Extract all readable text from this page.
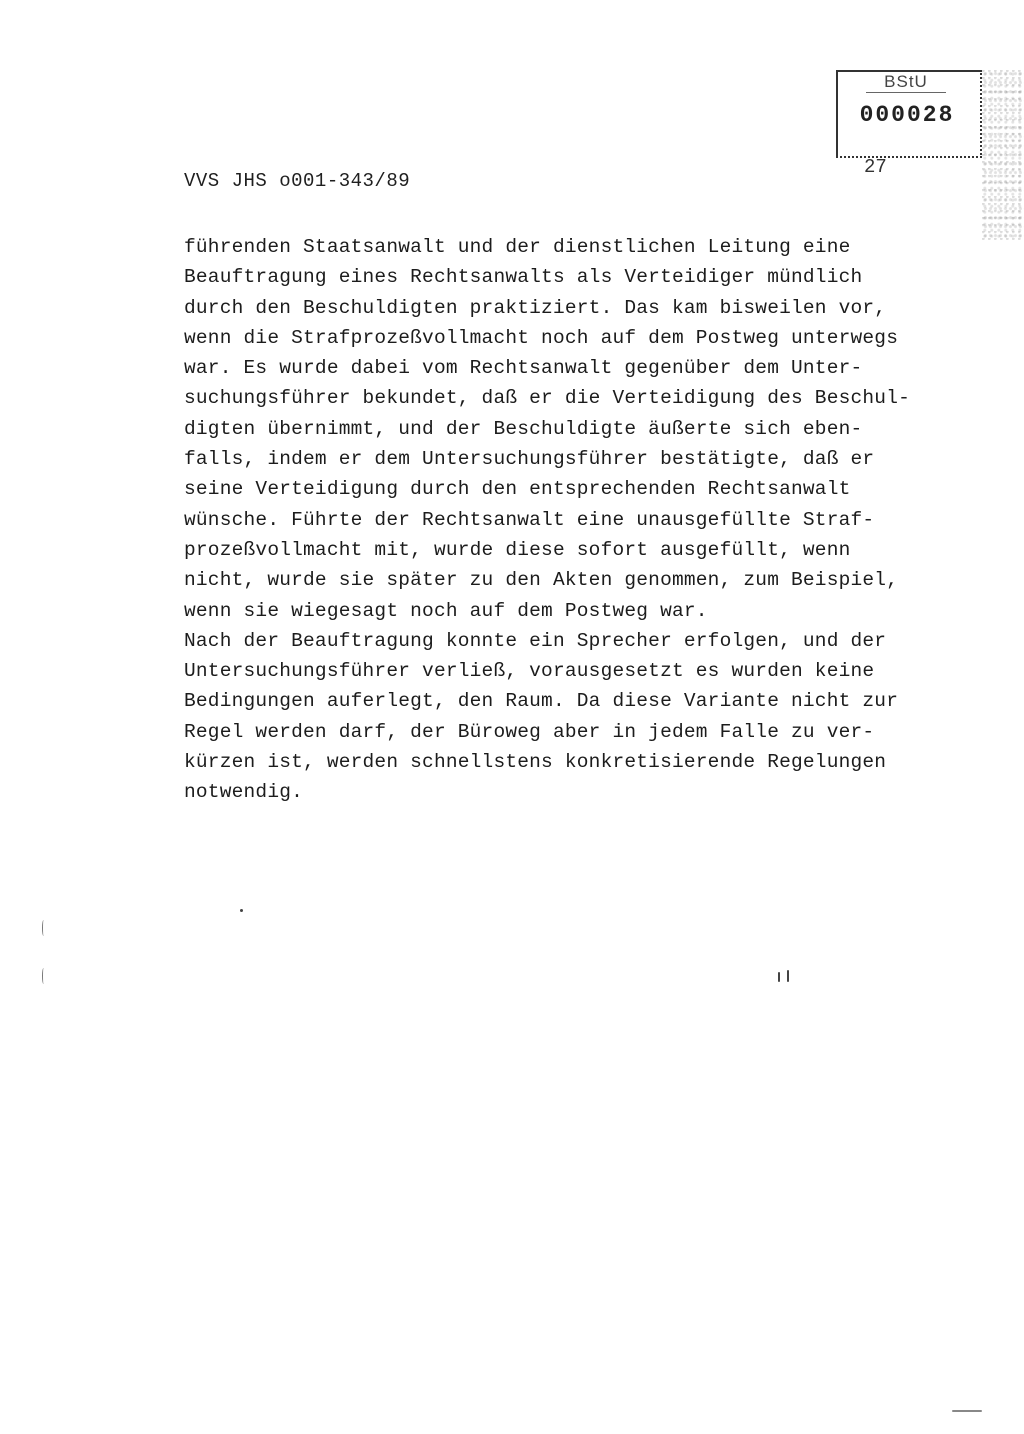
BStU
000028
27
VVS JHS o001-343/89
führenden Staatsanwalt und der dienstlichen Leitung eine
Beauftragung eines Rechtsanwalts als Verteidiger mündlich
durch den Beschuldigten praktiziert. Das kam bisweilen vor,
wenn die Strafprozeßvollmacht noch auf dem Postweg unterwegs
war. Es wurde dabei vom Rechtsanwalt gegenüber dem Unter-
suchungsführer bekundet, daß er die Verteidigung des Beschul-
digten übernimmt, und der Beschuldigte äußerte sich eben-
falls, indem er dem Untersuchungsführer bestätigte, daß er
seine Verteidigung durch den entsprechenden Rechtsanwalt
wünsche. Führte der Rechtsanwalt eine unausgefüllte Straf-
prozeßvollmacht mit, wurde diese sofort ausgefüllt, wenn
nicht, wurde sie später zu den Akten genommen, zum Beispiel,
wenn sie wiegesagt noch auf dem Postweg war.
Nach der Beauftragung konnte ein Sprecher erfolgen, und der
Untersuchungsführer verließ, vorausgesetzt es wurden keine
Bedingungen auferlegt, den Raum. Da diese Variante nicht zur
Regel werden darf, der Büroweg aber in jedem Falle zu ver-
kürzen ist, werden schnellstens konkretisierende Regelungen
notwendig.
